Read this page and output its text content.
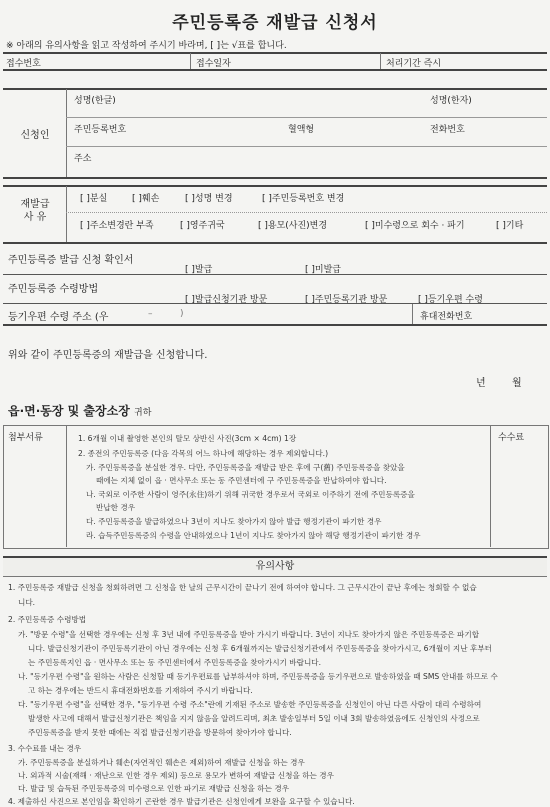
주민등록증 재발급 신청서
※ 아래의 유의사항을 읽고 작성하여 주시기 바라며, [ ]는 √표를 합니다.
접수번호	접수일자	처리기간 즉시
신청인
성명(한글)	성명(한자)
주민등록번호	혈액형	전화번호
주소
재발급
사 유
[ ]분실	[ ]훼손	[ ]성명 변경	[ ]주민등록번호 변경
[ ]주소변경란 부족	[ ]영주귀국	[ ]용모(사진)변경	[ ]미수령으로 회수 · 파기	[ ]기타
주민등록증 발급 신청 확인서
[ ]발급	[ ]미발급
주민등록증 수령방법
[ ]발급신청기관 방문	[ ]주민등록기관 방문	[ ]등기우편 수령
등기우편 수령 주소 (우	–	)	휴대전화번호
위와 같이 주민등록증의 재발급을 신청합니다.
년	월
읍·면·동장 및 출장소장 귀하
첨부서류	수수료
1. 6개월 이내 촬영한 본인의 탈모 상반신 사진(3cm × 4cm) 1장
2. 종전의 주민등록증 (다음 각목의 어느 하나에 해당하는 경우 제외합니다.)
가. 주민등록증을 분실한 경우. 다만, 주민등록증을 재발급 받은 후에 구(舊) 주민등록증을 찾았을
때에는 지체 없이 읍 · 면사무소 또는 동 주민센터에 구 주민등록증을 반납하여야 합니다.
나. 국외로 이주한 사람이 영주(永住)하기 위해 귀국한 경우로서 국외로 이주하기 전에 주민등록증을
반납한 경우
다. 주민등록증을 발급하였으나 3년이 지나도 찾아가지 않아 발급 행정기관이 파기한 경우
라. 습득주민등록증의 수령을 안내하였으나 1년이 지나도 찾아가지 않아 해당 행정기관이 파기한 경우
유의사항
1. 주민등록증 재발급 신청을 청회하려면 그 신청을 한 날의 근무시간이 끝나기 전에 하여야 합니다. 그 근무시간이 끝난 후에는 청회할 수 없습
니다.
2. 주민등록증 수령방법
가. "방문 수령"을 선택한 경우에는 신청 후 3년 내에 주민등록증을 받아 가시기 바랍니다. 3년이 지나도 찾아가지 않은 주민등록증은 파기합
니다. 발급신청기관이 주민등록기관이 아닌 경우에는 신청 후 6개월까지는 발급신청기관에서 주민등록증을 찾아가시고, 6개월이 지난 후부터
는 주민등록지인 읍 · 면사무소 또는 동 주민센터에서 주민등록증을 찾아가시기 바랍니다.
나. "등기우편 수령"을 원하는 사람은 신청할 때 등기우편료를 납부하셔야 하며, 주민등록증을 등기우편으로 발송하였을 때 SMS 안내를 하므로 수
고 하는 경우에는 반드시 휴대전화번호를 기재하여 주시기 바랍니다.
다. "등기우편 수령"을 선택한 경우, "등기우편 수령 주소"란에 기재된 주소로 발송한 주민등록증을 신청인이 아닌 다른 사람이 대리 수령하여
발생한 사고에 대해서 발급신청기관은 책임을 지지 않음을 알려드리며, 최초 발송일부터 5일 이내 3회 발송하였음에도 신청인의 사정으로
주민등록증을 받지 못한 때에는 직접 발급신청기관을 방문하여 찾아가야 합니다.
3. 수수료를 내는 경우
가. 주민등록증을 분실하거나 훼손(자연적인 훼손은 제외)하여 재발급 신청을 하는 경우
나. 외과적 시술(재해 · 재난으로 인한 경우 제외) 등으로 용모가 변하여 재발급 신청을 하는 경우
다. 발급 및 습득된 주민등록증의 미수령으로 인한 파기로 재발급 신청을 하는 경우
4. 제출하신 사진으로 본인임을 확인하기 곤란한 경우 발급기관은 신청인에게 보완을 요구할 수 있습니다.
